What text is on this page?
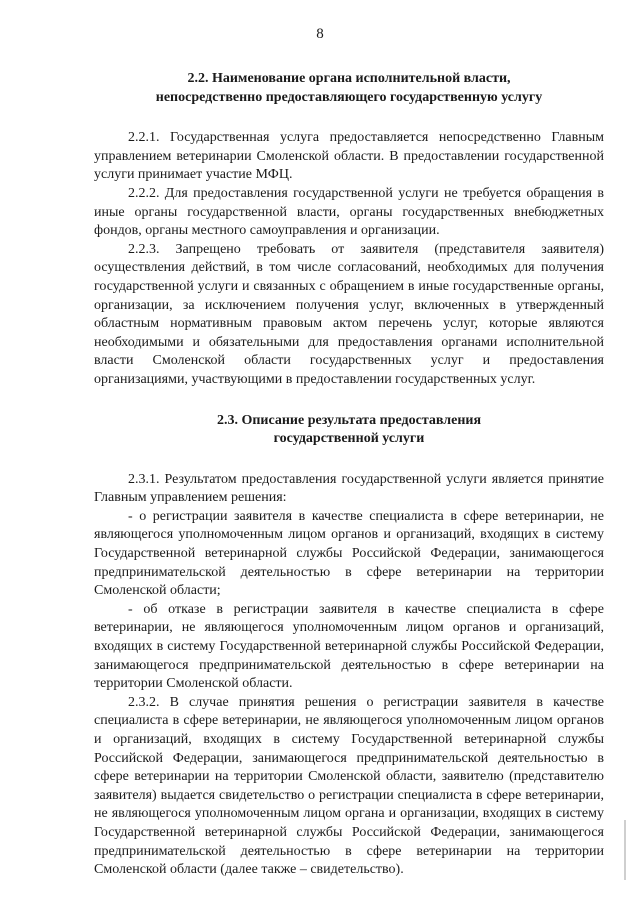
8
2.2. Наименование органа исполнительной власти,
непосредственно предоставляющего государственную услугу

2.2.1. Государственная услуга предоставляется непосредственно Главным управлением ветеринарии Смоленской области. В предоставлении государственной услуги принимает участие МФЦ.

2.2.2. Для предоставления государственной услуги не требуется обращения в иные органы государственной власти, органы государственных внебюджетных фондов, органы местного самоуправления и организации.

2.2.3. Запрещено требовать от заявителя (представителя заявителя) осуществления действий, в том числе согласований, необходимых для получения государственной услуги и связанных с обращением в иные государственные органы, организации, за исключением получения услуг, включенных в утвержденный областным нормативным правовым актом перечень услуг, которые являются необходимыми и обязательными для предоставления органами исполнительной власти Смоленской области государственных услуг и предоставления организациями, участвующими в предоставлении государственных услуг.

2.3. Описание результата предоставления
государственной услуги

2.3.1. Результатом предоставления государственной услуги является принятие Главным управлением решения:

- о регистрации заявителя в качестве специалиста в сфере ветеринарии, не являющегося уполномоченным лицом органов и организаций, входящих в систему Государственной ветеринарной службы Российской Федерации, занимающегося предпринимательской деятельностью в сфере ветеринарии на территории Смоленской области;

- об отказе в регистрации заявителя в качестве специалиста в сфере ветеринарии, не являющегося уполномоченным лицом органов и организаций, входящих в систему Государственной ветеринарной службы Российской Федерации, занимающегося предпринимательской деятельностью в сфере ветеринарии на территории Смоленской области.

2.3.2. В случае принятия решения о регистрации заявителя в качестве специалиста в сфере ветеринарии, не являющегося уполномоченным лицом органов и организаций, входящих в систему Государственной ветеринарной службы Российской Федерации, занимающегося предпринимательской деятельностью в сфере ветеринарии на территории Смоленской области, заявителю (представителю заявителя) выдается свидетельство о регистрации специалиста в сфере ветеринарии, не являющегося уполномоченным лицом органа и организации, входящих в систему Государственной ветеринарной службы Российской Федерации, занимающегося предпринимательской деятельностью в сфере ветеринарии на территории Смоленской области (далее также – свидетельство).
